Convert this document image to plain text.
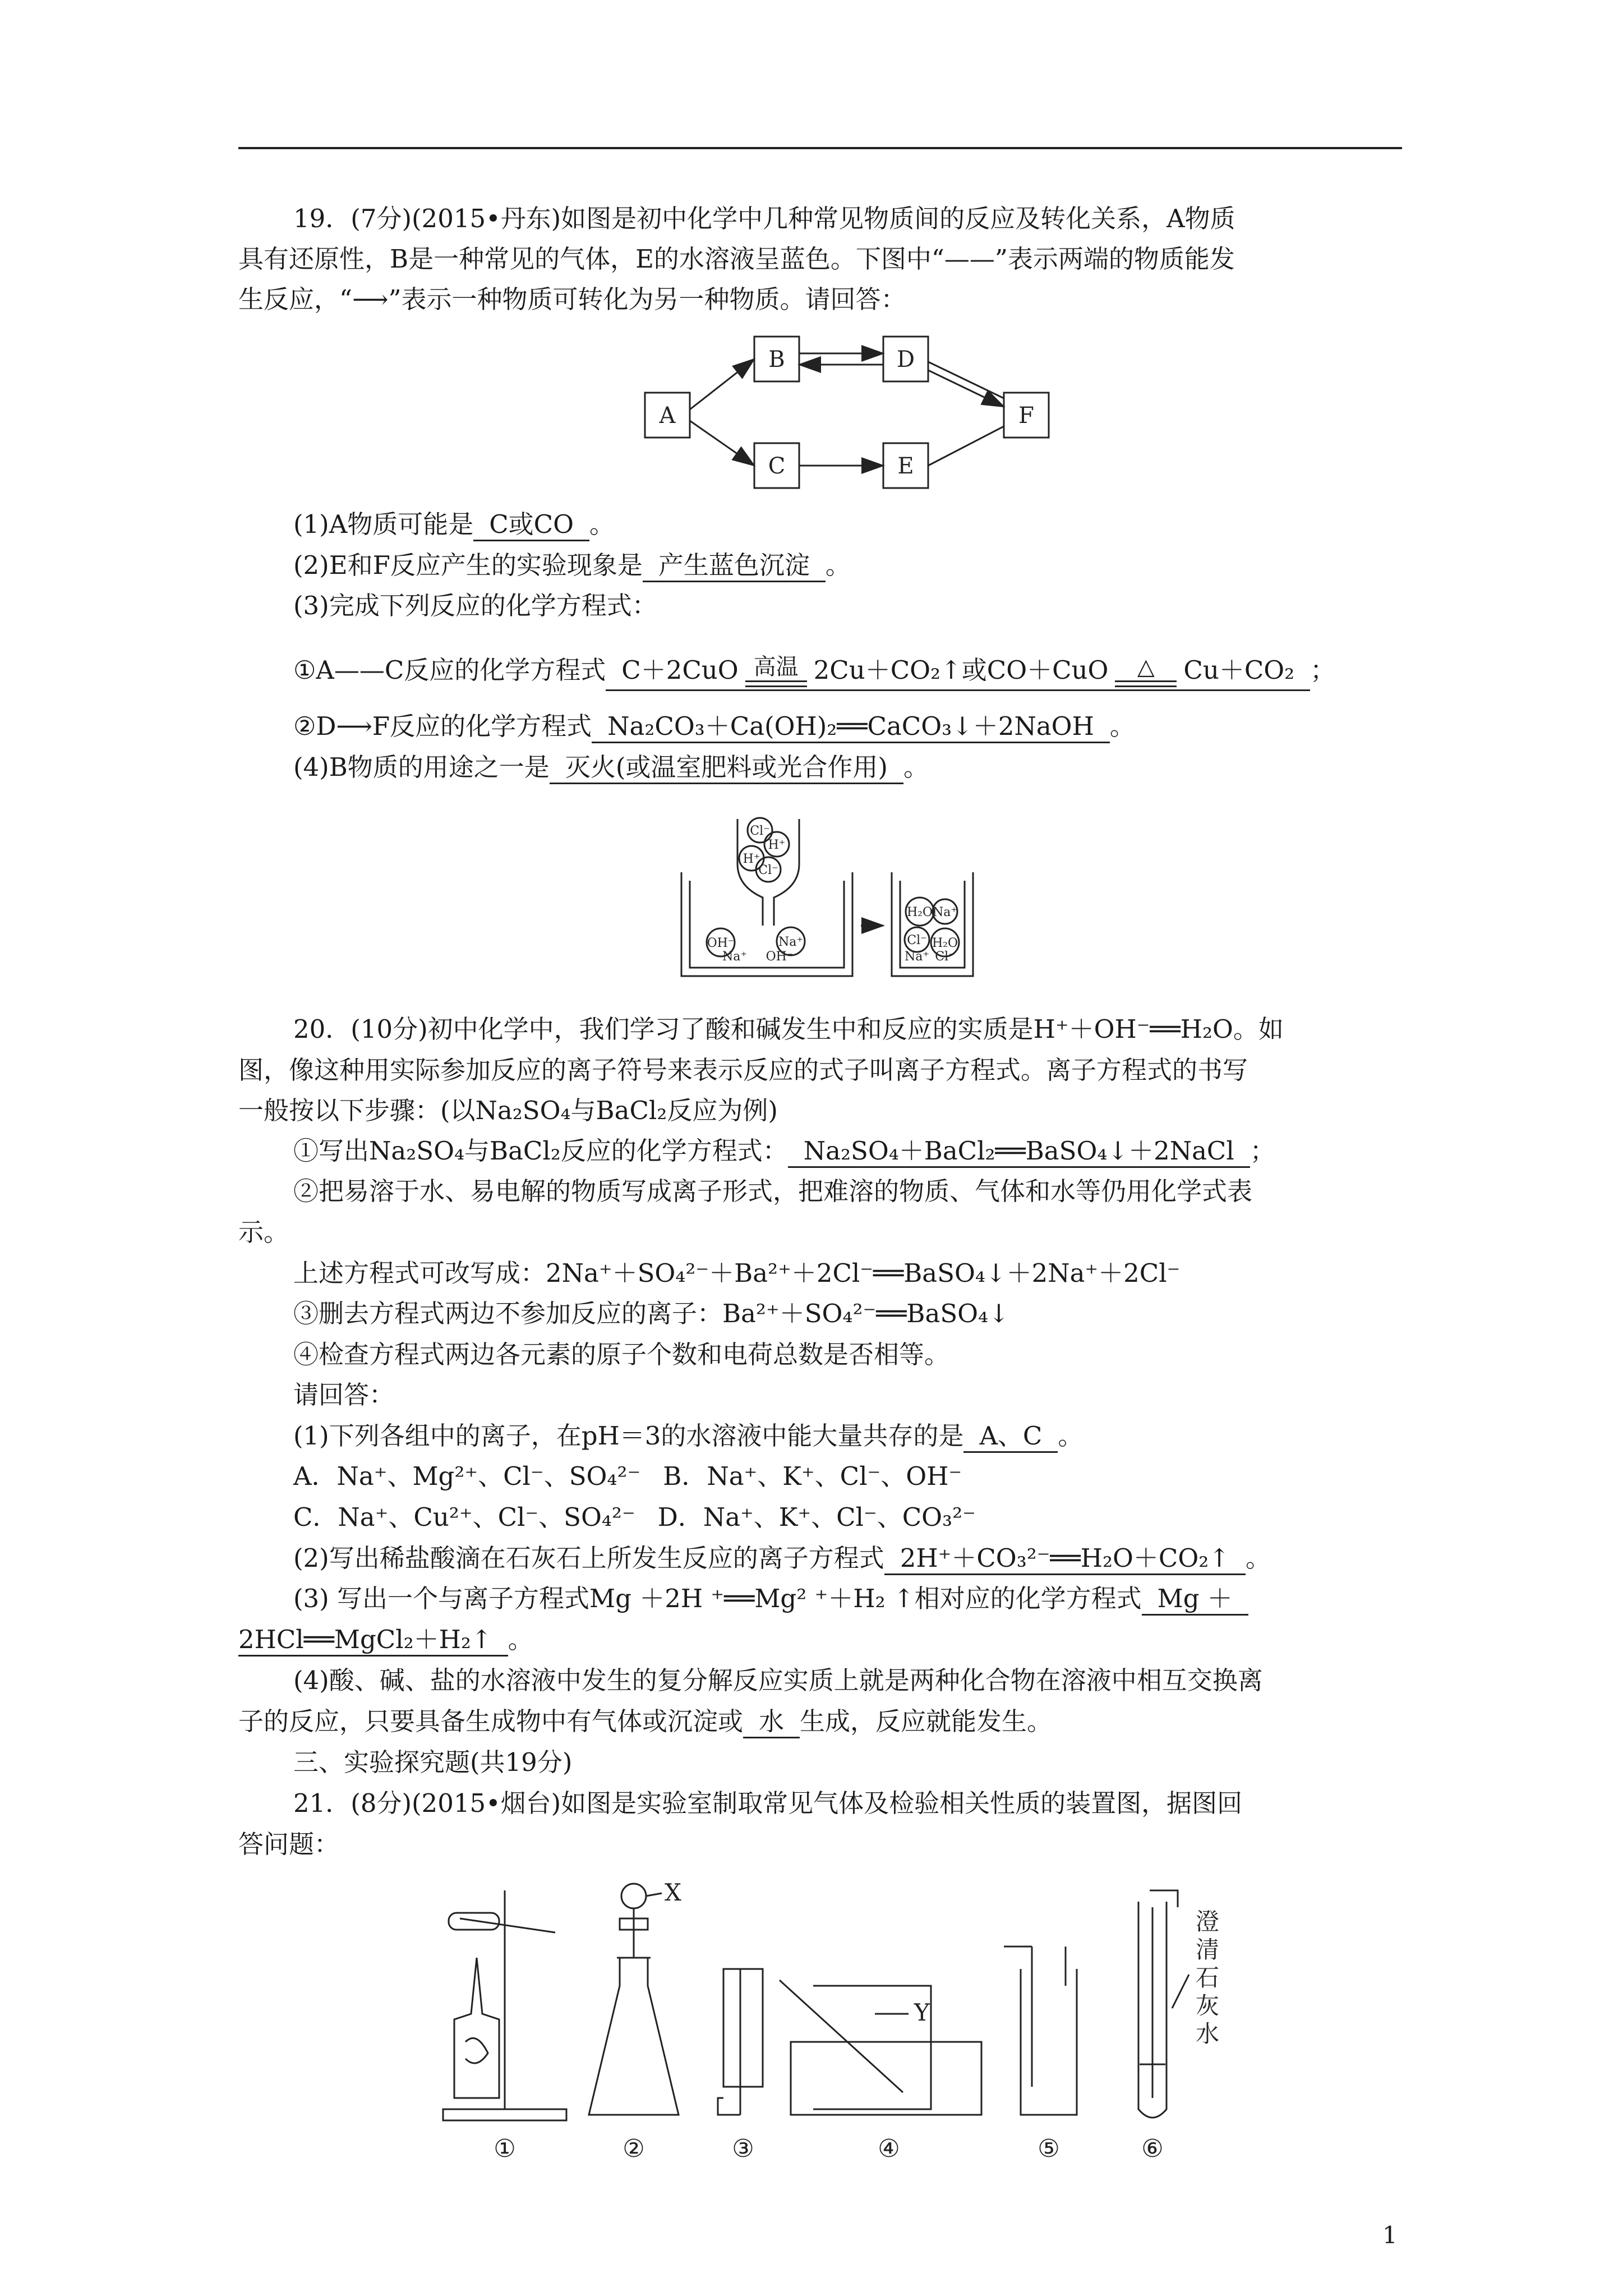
19．(7分)(2015•丹东)如图是初中化学中几种常见物质间的反应及转化关系，A物质
具有还原性，B是一种常见的气体，E的水溶液呈蓝色。下图中“——”表示两端的物质能发
生反应，“⟶”表示一种物质可转化为另一种物质。请回答：
A
B
C
D
E
F
(1)A物质可能是 C或CO 。
(2)E和F反应产生的实验现象是 产生蓝色沉淀 。
(3)完成下列反应的化学方程式：
①A——C反应的化学方程式 C＋2CuO 高温 2Cu＋CO₂↑或CO＋CuO	△	Cu＋CO₂ ；
②D⟶F反应的化学方程式 Na₂CO₃＋Ca(OH)₂══CaCO₃↓＋2NaOH 。
(4)B物质的用途之一是 灭火(或温室肥料或光合作用) 。
Cl⁻
H⁺
H⁺
Cl⁻
OH⁻	Na⁺
Na⁺ OH⁻
H₂O Na⁺
Cl⁻ H₂O
Na⁺ Cl⁻
20．(10分)初中化学中，我们学习了酸和碱发生中和反应的实质是H⁺＋OH⁻══H₂O。如
图，像这种用实际参加反应的离子符号来表示反应的式子叫离子方程式。离子方程式的书写
一般按以下步骤：(以Na₂SO₄与BaCl₂反应为例)
①写出Na₂SO₄与BaCl₂反应的化学方程式： Na₂SO₄＋BaCl₂══BaSO₄↓＋2NaCl ；
②把易溶于水、易电解的物质写成离子形式，把难溶的物质、气体和水等仍用化学式表
示。
上述方程式可改写成：2Na⁺＋SO₄²⁻＋Ba²⁺＋2Cl⁻══BaSO₄↓＋2Na⁺＋2Cl⁻
③删去方程式两边不参加反应的离子：Ba²⁺＋SO₄²⁻══BaSO₄↓
④检查方程式两边各元素的原子个数和电荷总数是否相等。
请回答：
(1)下列各组中的离子，在pH＝3的水溶液中能大量共存的是 A、C 。
A．Na⁺、Mg²⁺、Cl⁻、SO₄²⁻ B．Na⁺、K⁺、Cl⁻、OH⁻
C．Na⁺、Cu²⁺、Cl⁻、SO₄²⁻ D．Na⁺、K⁺、Cl⁻、CO₃²⁻
(2)写出稀盐酸滴在石灰石上所发生反应的离子方程式 2H⁺＋CO₃²⁻══H₂O＋CO₂↑ 。
(3) 写出一个与离子方程式Mg ＋2H ⁺══Mg² ⁺＋H₂ ↑相对应的化学方程式 Mg ＋
2HCl══MgCl₂＋H₂↑ 。
(4)酸、碱、盐的水溶液中发生的复分解反应实质上就是两种化合物在溶液中相互交换离
子的反应，只要具备生成物中有气体或沉淀或 水 生成，反应就能发生。
三、实验探究题(共19分)
21．(8分)(2015•烟台)如图是实验室制取常见气体及检验相关性质的装置图，据图回
答问题：
X
Y
澄
清
石
灰
水
①	②	③	④	⑤	⑥
1
